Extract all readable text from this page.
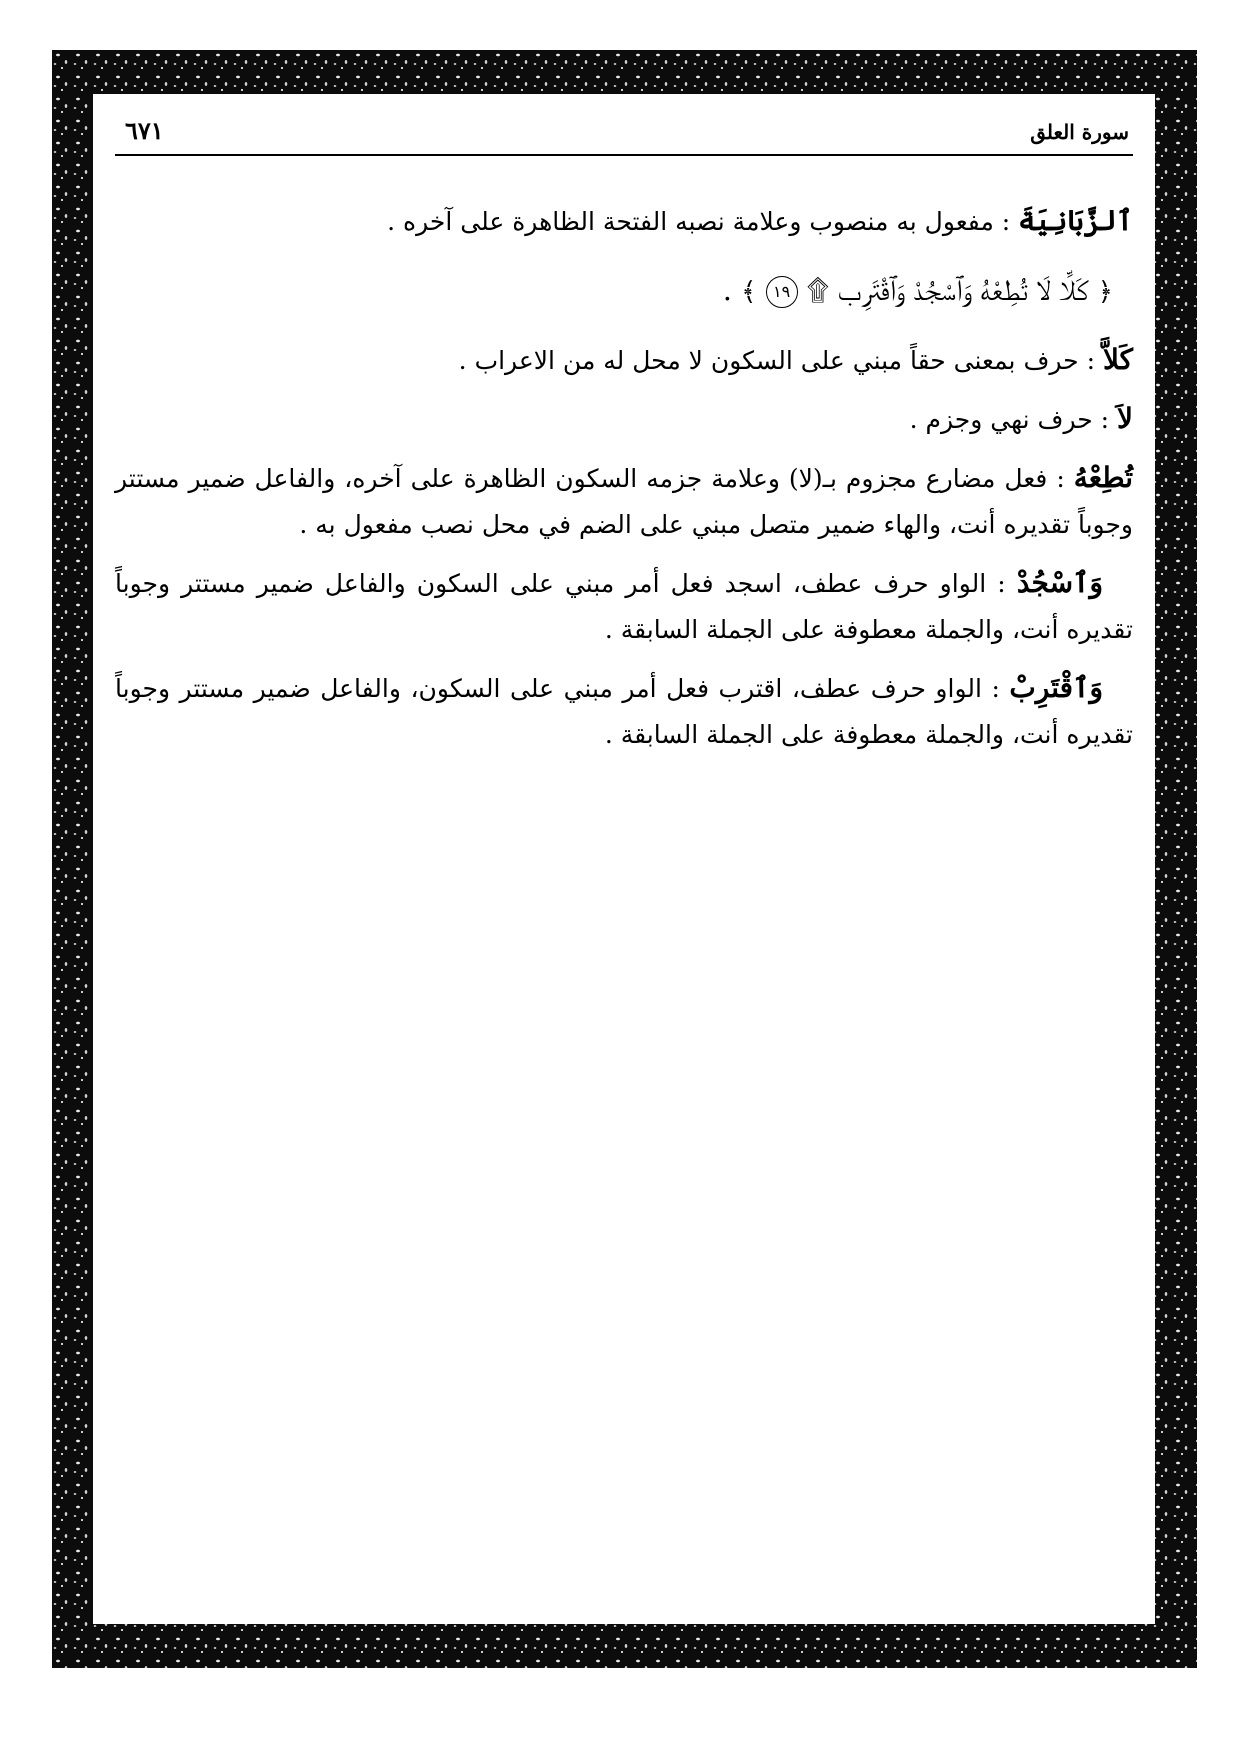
سورة العلق
٦٧١

ٱلزَّبَانِيَةَ : مفعول به منصوب وعلامة نصبه الفتحة الظاهرة على آخره .

﴿ كَلَّا لَا تُطِعْهُ وَٱسْجُدْ وَٱقْتَرِب ۩ ١٩ ﴾ .

كَلاَّ : حرف بمعنى حقاً مبني على السكون لا محل له من الاعراب .

لاَ : حرف نهي وجزم .

تُطِعْهُ : فعل مضارع مجزوم بـ(لا) وعلامة جزمه السكون الظاهرة على آخره، والفاعل ضمير مستتر وجوباً تقديره أنت، والهاء ضمير متصل مبني على الضم في محل نصب مفعول به .

وَٱسْجُدْ : الواو حرف عطف، اسجد فعل أمر مبني على السكون والفاعل ضمير مستتر وجوباً تقديره أنت، والجملة معطوفة على الجملة السابقة .

وَٱقْتَرِبْ : الواو حرف عطف، اقترب فعل أمر مبني على السكون، والفاعل ضمير مستتر وجوباً تقديره أنت، والجملة معطوفة على الجملة السابقة .
